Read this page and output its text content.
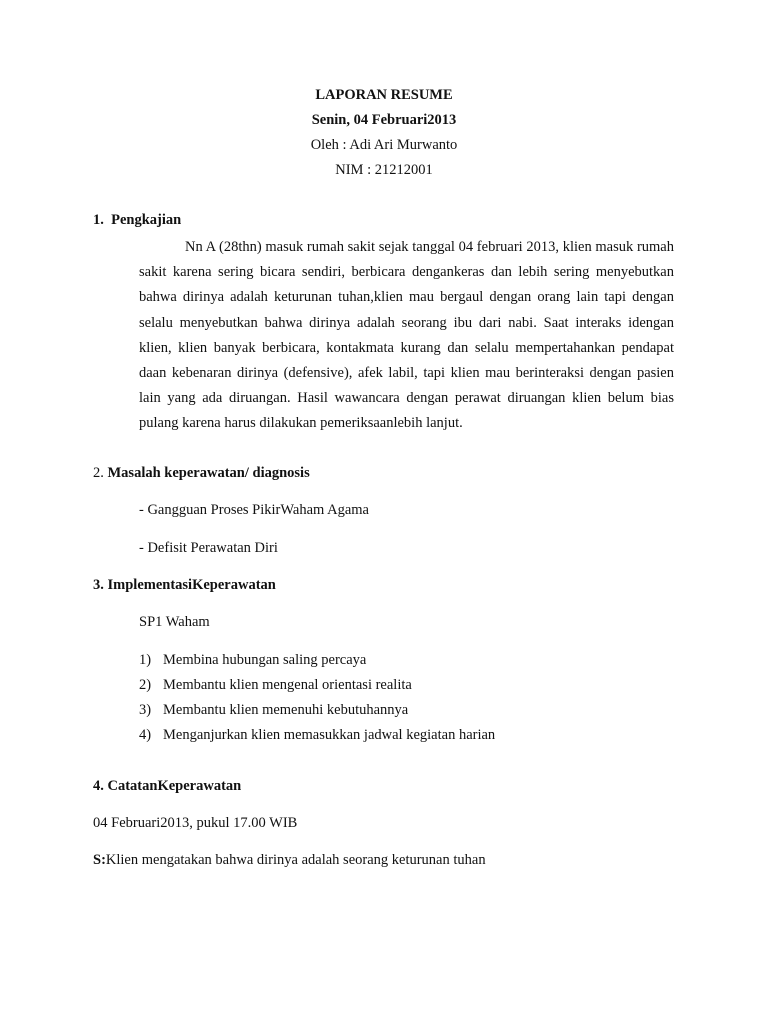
LAPORAN RESUME
Senin, 04 Februari2013
Oleh : Adi Ari Murwanto
NIM : 21212001
1. Pengkajian
Nn A (28thn) masuk rumah sakit sejak tanggal 04 februari 2013, klien masuk rumah sakit karena sering bicara sendiri, berbicara dengankeras dan lebih sering menyebutkan bahwa dirinya adalah keturunan tuhan,klien mau bergaul dengan orang lain tapi dengan selalu menyebutkan bahwa dirinya adalah seorang ibu dari nabi. Saat interaks idengan klien, klien banyak berbicara, kontakmata kurang dan selalu mempertahankan pendapat daan kebenaran dirinya (defensive), afek labil, tapi klien mau berinteraksi dengan pasien lain yang ada diruangan. Hasil wawancara dengan perawat diruangan klien belum bias pulang karena harus dilakukan pemeriksaanlebih lanjut.
2. Masalah keperawatan/ diagnosis
- Gangguan Proses PikirWaham Agama
- Defisit Perawatan Diri
3. ImplementasiKeperawatan
SP1 Waham
1) Membina hubungan saling percaya
2) Membantu klien mengenal orientasi realita
3) Membantu klien memenuhi kebutuhannya
4) Menganjurkan klien memasukkan jadwal kegiatan harian
4. CatatanKeperawatan
04 Februari2013, pukul 17.00 WIB
S:Klien mengatakan bahwa dirinya adalah seorang keturunan tuhan
